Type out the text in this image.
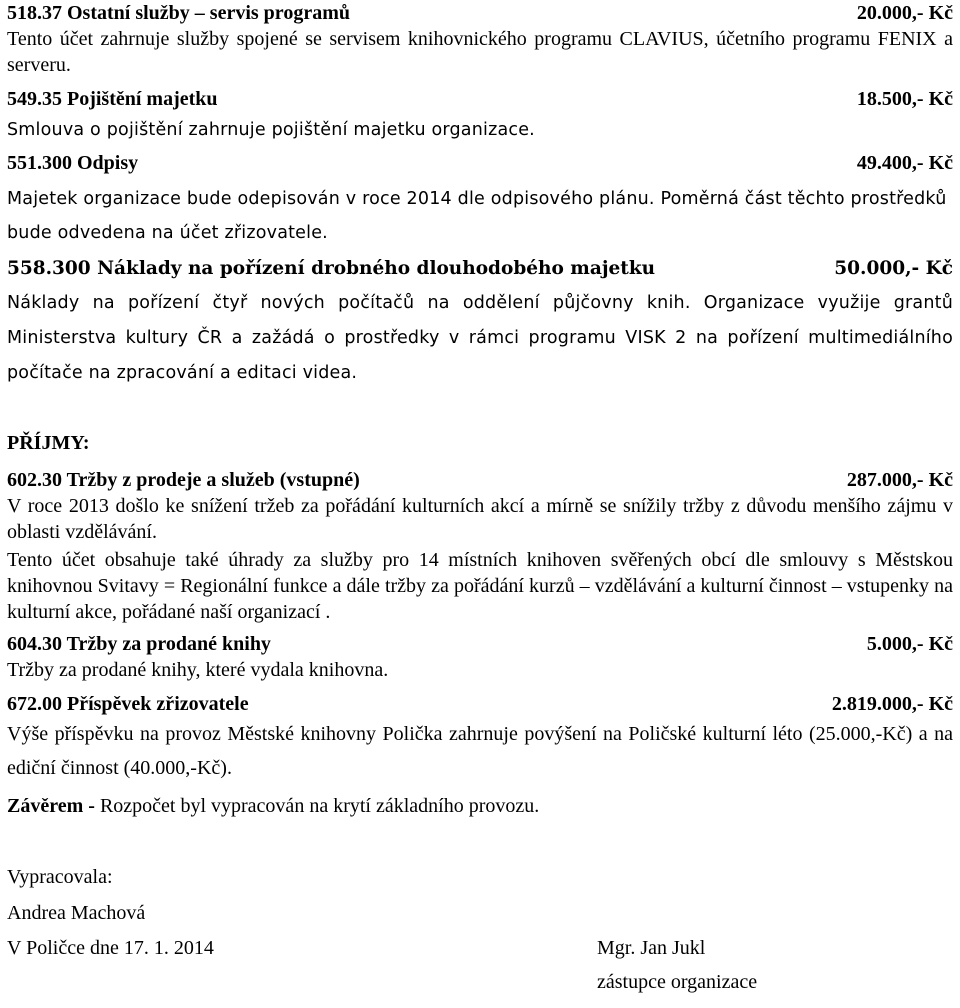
518.37 Ostatní služby – servis programů	20.000,- Kč
Tento účet zahrnuje služby spojené se servisem knihovnického programu CLAVIUS, účetního programu FENIX a serveru.
549.35 Pojištění majetku	18.500,- Kč
Smlouva o pojištění zahrnuje pojištění majetku organizace.
551.300 Odpisy	49.400,- Kč
Majetek organizace bude odepisován v roce 2014 dle odpisového plánu. Poměrná část těchto prostředků bude odvedena na účet zřizovatele.
558.300 Náklady na pořízení drobného dlouhodobého majetku	50.000,- Kč
Náklady na pořízení čtyř nových počítačů na oddělení půjčovny knih. Organizace využije grantů Ministerstva kultury ČR a zažádá o prostředky v rámci programu VISK 2 na pořízení multimediálního počítače na zpracování a editaci videa.
PŘÍJMY:
602.30 Tržby z prodeje a služeb (vstupné)	287.000,- Kč
V roce 2013 došlo ke snížení tržeb za pořádání kulturních akcí a mírně se snížily tržby z důvodu menšího zájmu v oblasti vzdělávání.
Tento účet obsahuje také úhrady za služby pro 14 místních knihoven svěřených obcí dle smlouvy s Městskou knihovnou Svitavy = Regionální funkce a dále tržby za pořádání kurzů – vzdělávání a kulturní činnost – vstupenky na kulturní akce, pořádané naší organizací .
604.30 Tržby za prodané knihy	5.000,- Kč
Tržby za prodané knihy, které vydala knihovna.
672.00 Příspěvek zřizovatele	2.819.000,- Kč
Výše příspěvku na provoz Městské knihovny Polička zahrnuje povýšení na Poličské kulturní léto (25.000,-Kč) a na ediční činnost (40.000,-Kč).
Závěrem - Rozpočet byl vypracován na krytí základního provozu.
Vypracovala:
Andrea Machová
V Poličce dne 17. 1. 2014	Mgr. Jan Jukl
zástupce organizace
